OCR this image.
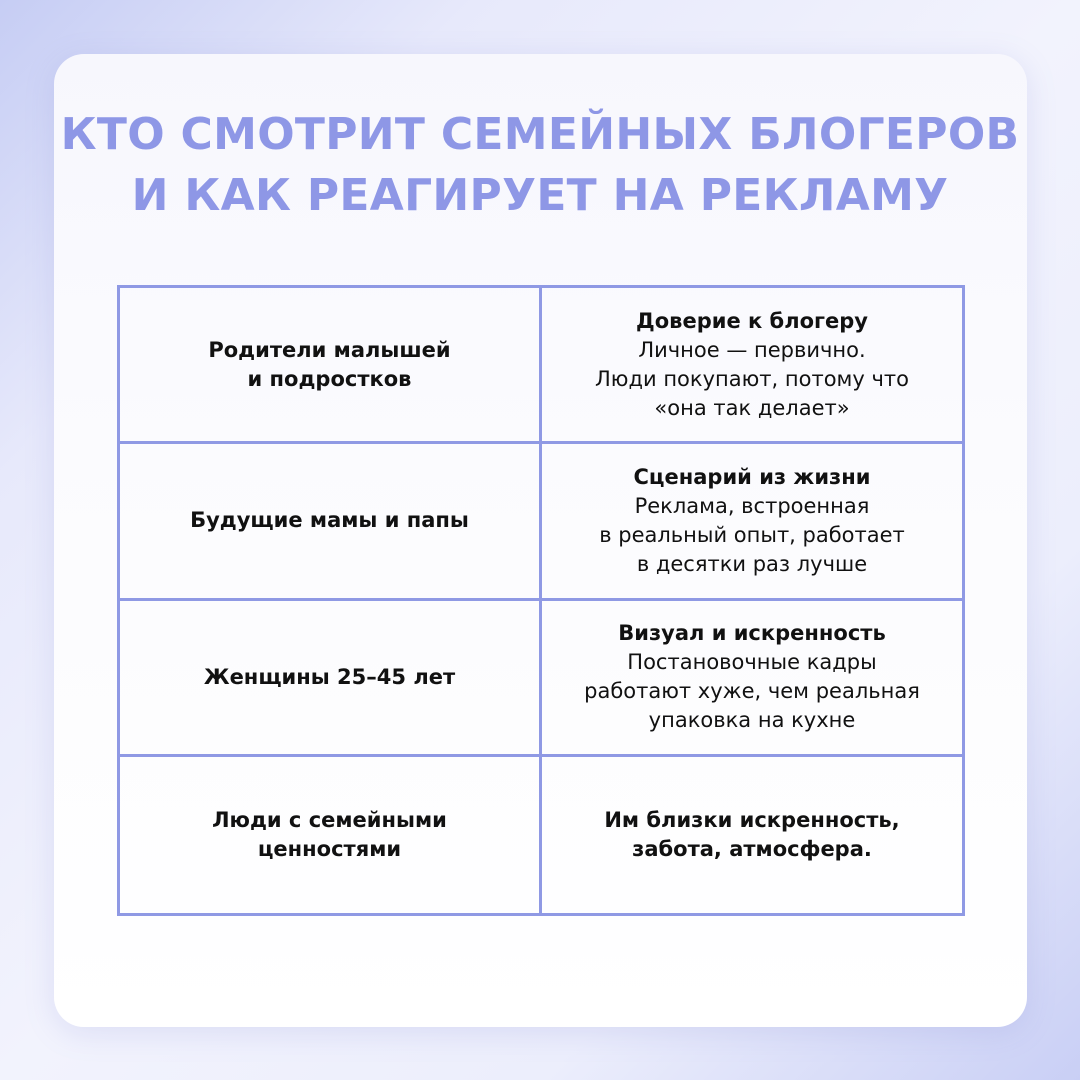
КТО СМОТРИТ СЕМЕЙНЫХ БЛОГЕРОВ
И КАК РЕАГИРУЕТ НА РЕКЛАМУ
Родители малышей
и подростков
Доверие к блогеру
Личное — первично.
Люди покупают, потому что
«она так делает»
Будущие мамы и папы
Сценарий из жизни
Реклама, встроенная
в реальный опыт, работает
в десятки раз лучше
Женщины 25–45 лет
Визуал и искренность
Постановочные кадры
работают хуже, чем реальная
упаковка на кухне
Люди с семейными
ценностями
Им близки искренность,
забота, атмосфера.
